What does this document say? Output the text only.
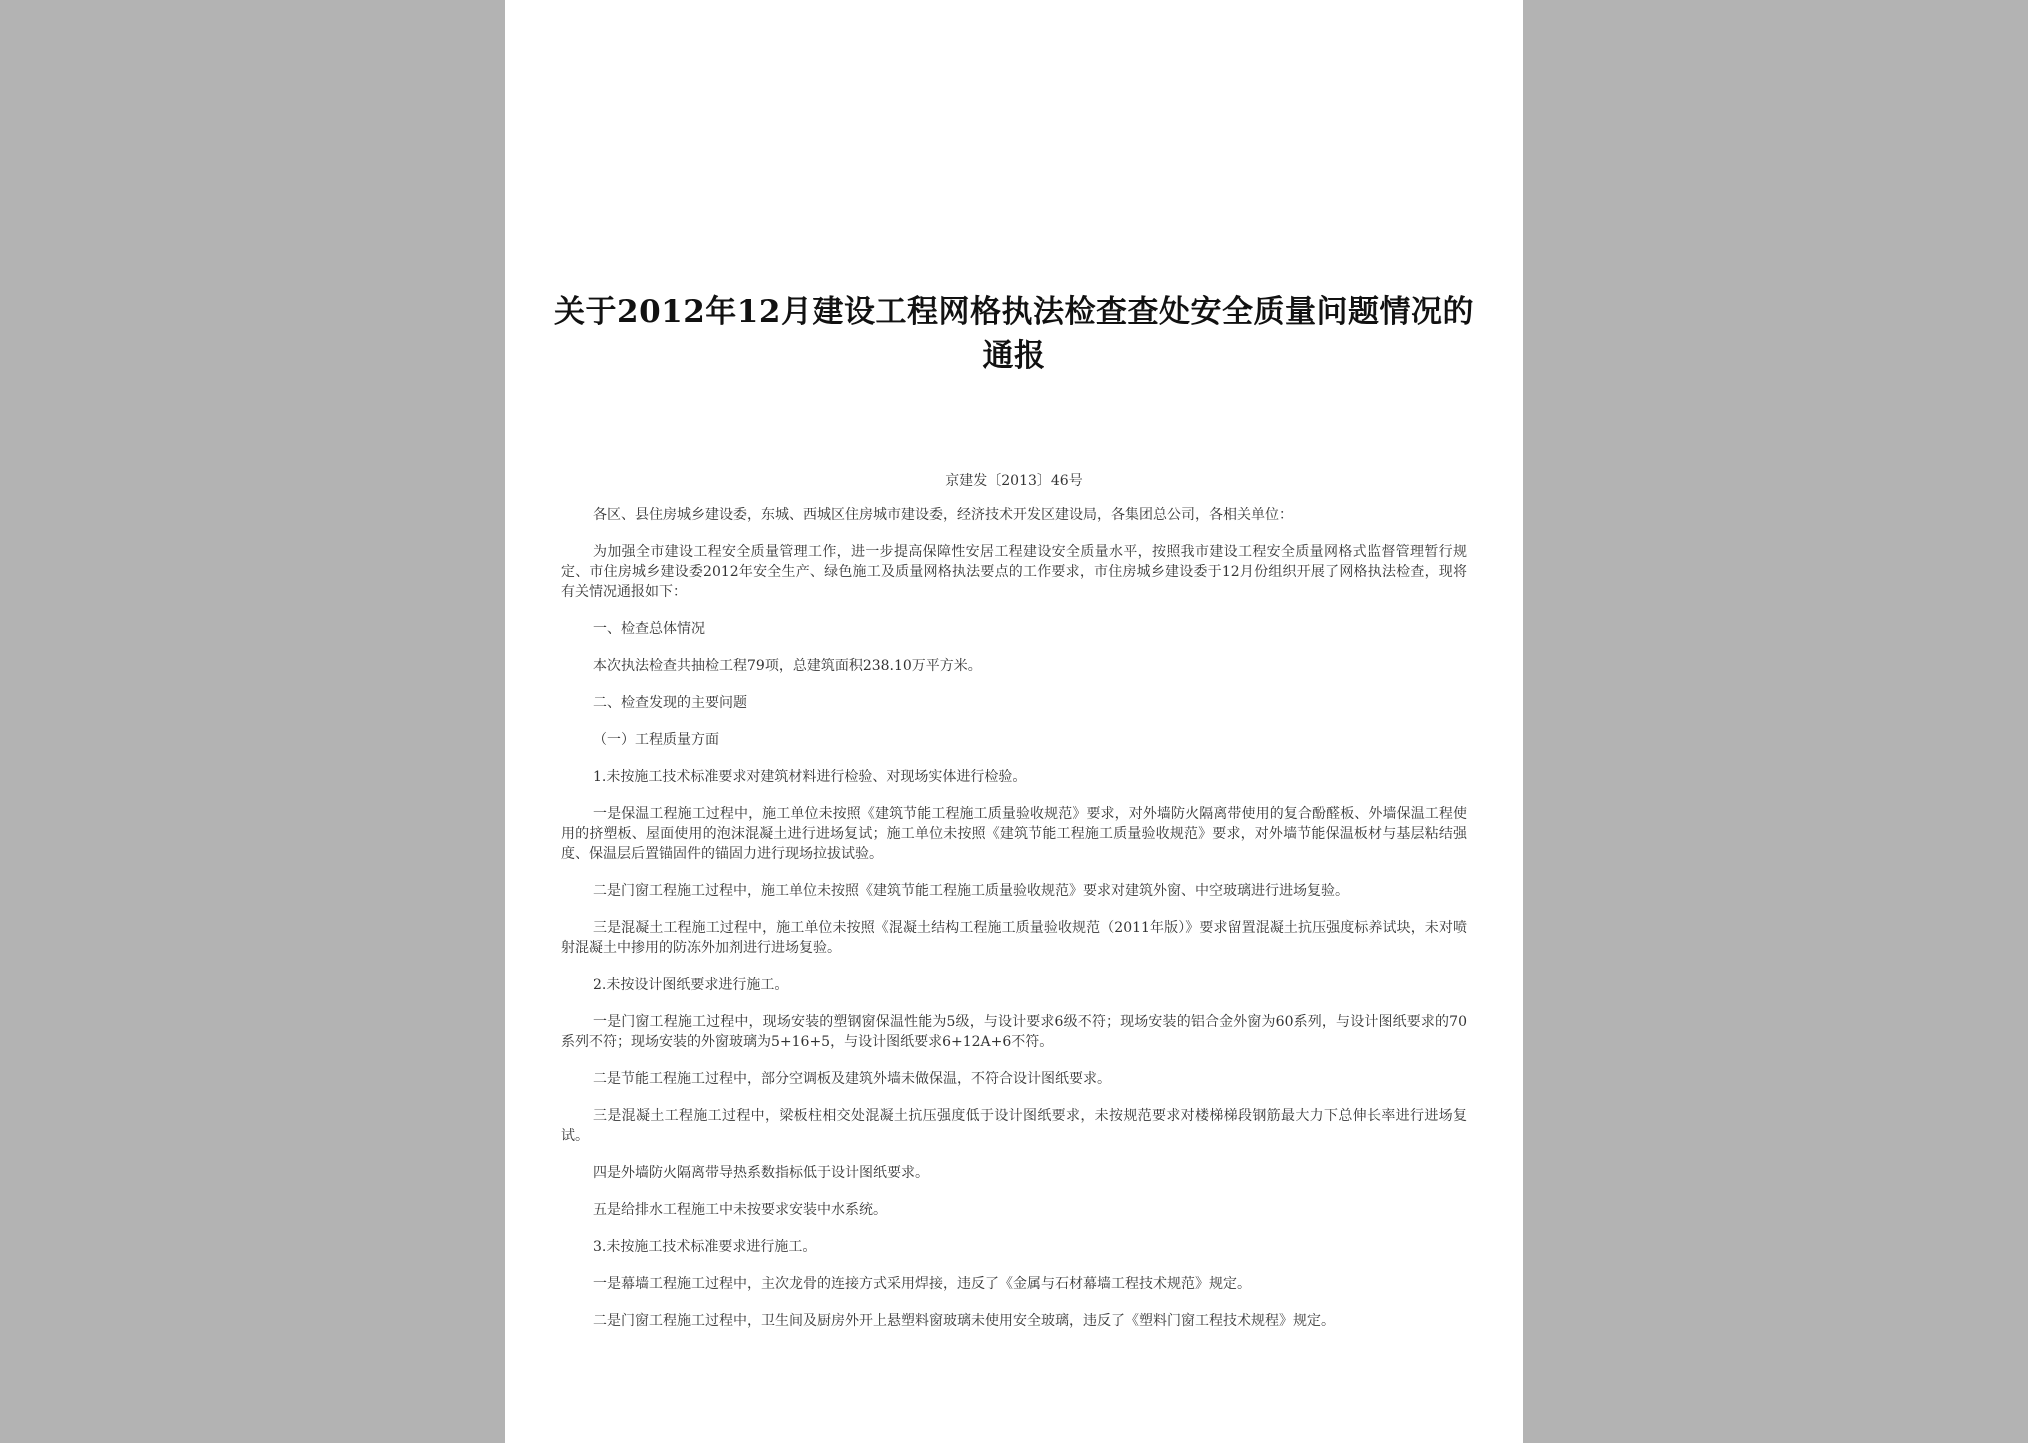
关于2012年12月建设工程网格执法检查查处安全质量问题情况的通报
京建发〔2013〕46号

各区、县住房城乡建设委，东城、西城区住房城市建设委，经济技术开发区建设局，各集团总公司，各相关单位：

为加强全市建设工程安全质量管理工作，进一步提高保障性安居工程建设安全质量水平，按照我市建设工程安全质量网格式监督管理暂行规定、市住房城乡建设委2012年安全生产、绿色施工及质量网格执法要点的工作要求，市住房城乡建设委于12月份组织开展了网格执法检查，现将有关情况通报如下：

一、检查总体情况

本次执法检查共抽检工程79项，总建筑面积238.10万平方米。

二、检查发现的主要问题

（一）工程质量方面

1.未按施工技术标准要求对建筑材料进行检验、对现场实体进行检验。

一是保温工程施工过程中，施工单位未按照《建筑节能工程施工质量验收规范》要求，对外墙防火隔离带使用的复合酚醛板、外墙保温工程使用的挤塑板、屋面使用的泡沫混凝土进行进场复试；施工单位未按照《建筑节能工程施工质量验收规范》要求，对外墙节能保温板材与基层粘结强度、保温层后置锚固件的锚固力进行现场拉拔试验。

二是门窗工程施工过程中，施工单位未按照《建筑节能工程施工质量验收规范》要求对建筑外窗、中空玻璃进行进场复验。

三是混凝土工程施工过程中，施工单位未按照《混凝土结构工程施工质量验收规范（2011年版）》要求留置混凝土抗压强度标养试块，未对喷射混凝土中掺用的防冻外加剂进行进场复验。

2.未按设计图纸要求进行施工。

一是门窗工程施工过程中，现场安装的塑钢窗保温性能为5级，与设计要求6级不符；现场安装的铝合金外窗为60系列，与设计图纸要求的70系列不符；现场安装的外窗玻璃为5+16+5，与设计图纸要求6+12A+6不符。

二是节能工程施工过程中，部分空调板及建筑外墙未做保温，不符合设计图纸要求。

三是混凝土工程施工过程中，梁板柱相交处混凝土抗压强度低于设计图纸要求，未按规范要求对楼梯梯段钢筋最大力下总伸长率进行进场复试。

四是外墙防火隔离带导热系数指标低于设计图纸要求。

五是给排水工程施工中未按要求安装中水系统。

3.未按施工技术标准要求进行施工。

一是幕墙工程施工过程中，主次龙骨的连接方式采用焊接，违反了《金属与石材幕墙工程技术规范》规定。

二是门窗工程施工过程中，卫生间及厨房外开上悬塑料窗玻璃未使用安全玻璃，违反了《塑料门窗工程技术规程》规定。
